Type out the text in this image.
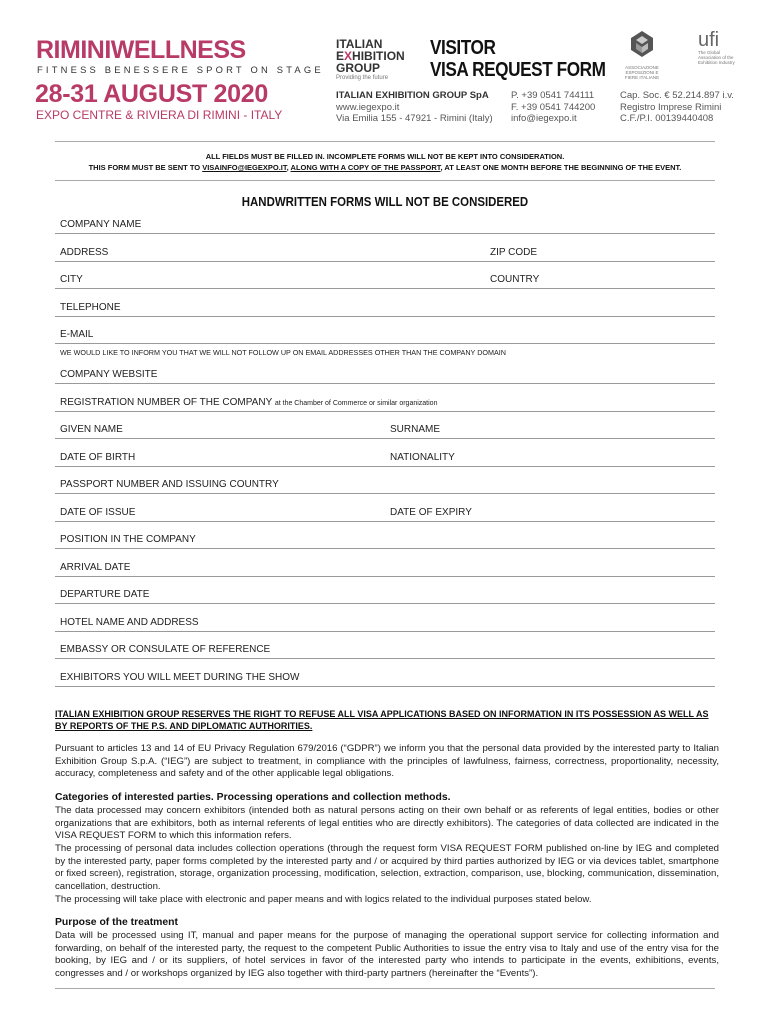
RIMINIWELLNESS
FITNESS BENESSERE SPORT ON STAGE
28-31 AUGUST 2020
EXPO CENTRE & RIVIERA DI RIMINI - ITALY
ITALIAN
EXHIBITION
GROUP
Providing the future
VISITOR
VISA REQUEST FORM	ASSOCIAZIONE ESPOSIZIONI E FIERE ITALIANE
ufi
The Global Association of the Exhibition Industry
ITALIAN EXHIBITION GROUP SpA
www.iegexpo.it
Via Emilia 155 - 47921 - Rimini (Italy)
P. +39 0541 744111
F. +39 0541 744200
info@iegexpo.it
Cap. Soc. € 52.214.897 i.v.
Registro Imprese Rimini
C.F./P.I. 00139440408
ALL FIELDS MUST BE FILLED IN. INCOMPLETE FORMS WILL NOT BE KEPT INTO CONSIDERATION.
THIS FORM MUST BE SENT TO VISAINFO@IEGEXPO.IT, ALONG WITH A COPY OF THE PASSPORT, AT LEAST ONE MONTH BEFORE THE BEGINNING OF THE EVENT.
HANDWRITTEN FORMS WILL NOT BE CONSIDERED
COMPANY NAME
ADDRESS	ZIP CODE
CITY	COUNTRY
TELEPHONE
E-MAIL
WE WOULD LIKE TO INFORM YOU THAT WE WILL NOT FOLLOW UP ON EMAIL ADDRESSES OTHER THAN THE COMPANY DOMAIN
COMPANY WEBSITE
REGISTRATION NUMBER OF THE COMPANY at the Chamber of Commerce or similar organization
GIVEN NAME	SURNAME
DATE OF BIRTH	NATIONALITY
PASSPORT NUMBER AND ISSUING COUNTRY
DATE OF ISSUE	DATE OF EXPIRY
POSITION IN THE COMPANY
ARRIVAL DATE
DEPARTURE DATE
HOTEL NAME AND ADDRESS
EMBASSY OR CONSULATE OF REFERENCE
EXHIBITORS YOU WILL MEET DURING THE SHOW
ITALIAN EXHIBITION GROUP RESERVES THE RIGHT TO REFUSE ALL VISA APPLICATIONS BASED ON INFORMATION IN ITS POSSESSION AS WELL AS BY REPORTS OF THE P.S. AND DIPLOMATIC AUTHORITIES.
Pursuant to articles 13 and 14 of EU Privacy Regulation 679/2016 (“GDPR”) we inform you that the personal data provided by the interested party to Italian Exhibition Group S.p.A. (“IEG”) are subject to treatment, in compliance with the principles of lawfulness, fairness, correctness, proportionality, necessity, accuracy, completeness and safety and of the other applicable legal obligations.
Categories of interested parties. Processing operations and collection methods.
The data processed may concern exhibitors (intended both as natural persons acting on their own behalf or as referents of legal entities, bodies or other organizations that are exhibitors, both as internal referents of legal entities who are directly exhibitors). The categories of data collected are indicated in the VISA REQUEST FORM to which this information refers.
The processing of personal data includes collection operations (through the request form VISA REQUEST FORM published on-line by IEG and completed by the interested party, paper forms completed by the interested party and / or acquired by third parties authorized by IEG or via devices tablet, smartphone or fixed screen), registration, storage, organization processing, modification, selection, extraction, comparison, use, blocking, communication, dissemination, cancellation, destruction.
The processing will take place with electronic and paper means and with logics related to the individual purposes stated below.
Purpose of the treatment
Data will be processed using IT, manual and paper means for the purpose of managing the operational support service for collecting information and forwarding, on behalf of the interested party, the request to the competent Public Authorities to issue the entry visa to Italy and use of the entry visa for the booking, by IEG and / or its suppliers, of hotel services in favor of the interested party who intends to participate in the events, exhibitions, events, congresses and / or workshops organized by IEG also together with third-party partners (hereinafter the “Events”).
